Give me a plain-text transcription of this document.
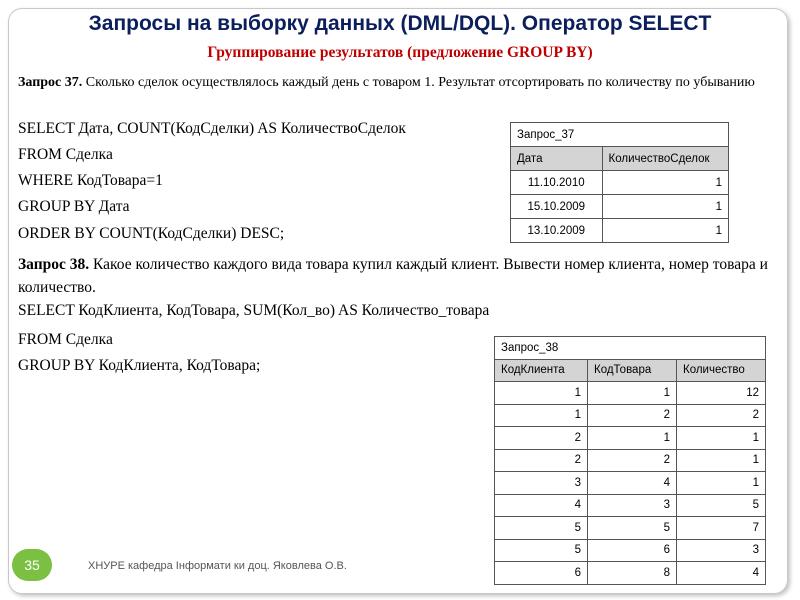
Запросы на выборку данных (DML/DQL). Оператор SELECT
Группирование результатов (предложение GROUP BY)
Запрос 37. Сколько сделок осуществлялось каждый день с товаром 1. Результат отсортировать по количеству по убыванию
SELECT Дата, COUNT(КодСделки) AS КоличествоСделок
FROM Сделка
WHERE КодТовара=1
GROUP BY Дата
ORDER BY COUNT(КодСделки) DESC;
Запрос_37	
Дата	КоличествоСделок
11.10.2010	1
15.10.2009	1
13.10.2009	1
Запрос 38. Какое количество каждого вида товара купил каждый клиент. Вывести номер клиента, номер товара и количество.
SELECT КодКлиента, КодТовара, SUM(Кол_во) AS Количество_товара
FROM Сделка
GROUP BY КодКлиента, КодТовара;
Запрос_38		
КодКлиента	КодТовара	Количество
1	1	12
1	2	2
2	1	1
2	2	1
3	4	1
4	3	5
5	5	7
5	6	3
6	8	4
35	ХНУРЕ кафедра Інформати ки доц. Яковлева О.В.
